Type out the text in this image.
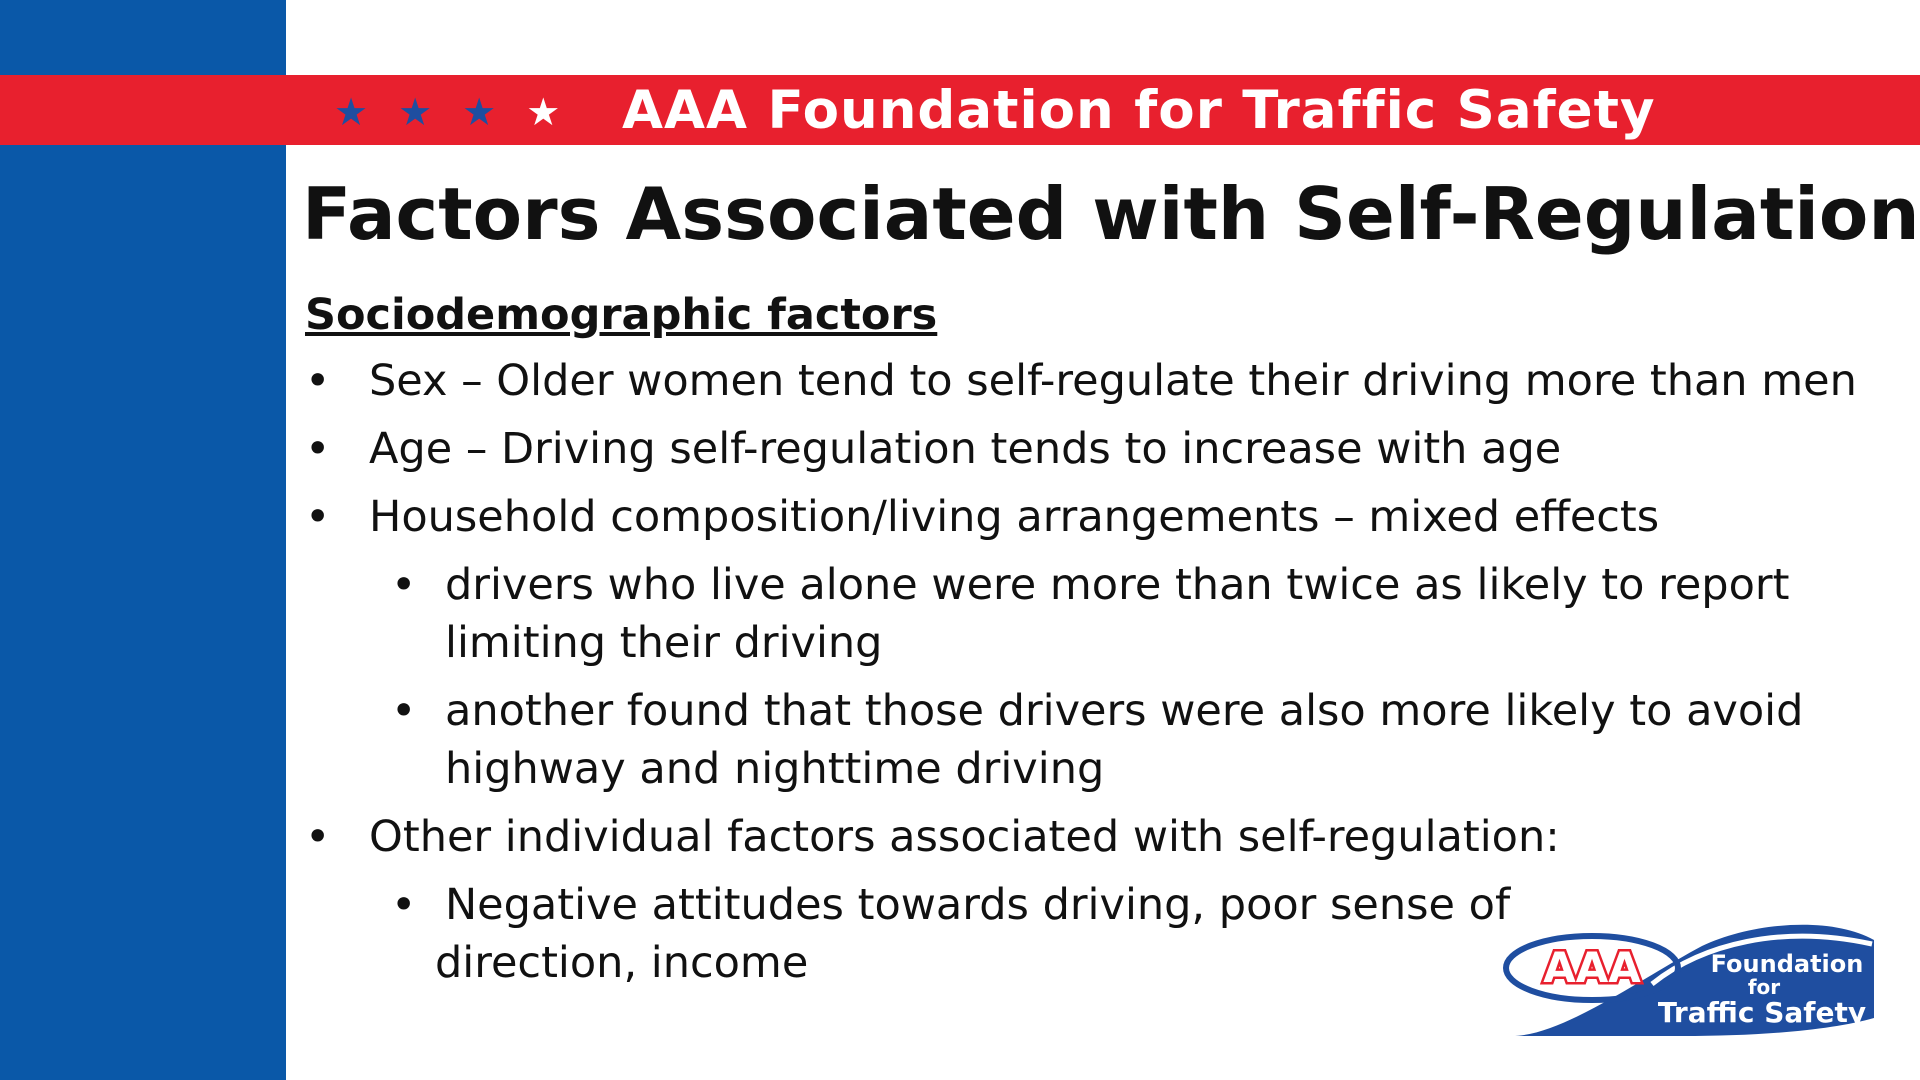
★ ★ ★ ★ AAA Foundation for Traffic Safety
Factors Associated with Self-Regulation
Sociodemographic factors
• Sex – Older women tend to self-regulate their driving more than men
• Age – Driving self-regulation tends to increase with age
• Household composition/living arrangements – mixed effects
• drivers who live alone were more than twice as likely to report limiting their driving
• another found that those drivers were also more likely to avoid highway and nighttime driving
• Other individual factors associated with self-regulation:
• Negative attitudes towards driving, poor sense of
direction, income	AAA	Foundation
for
Traffic Safety
